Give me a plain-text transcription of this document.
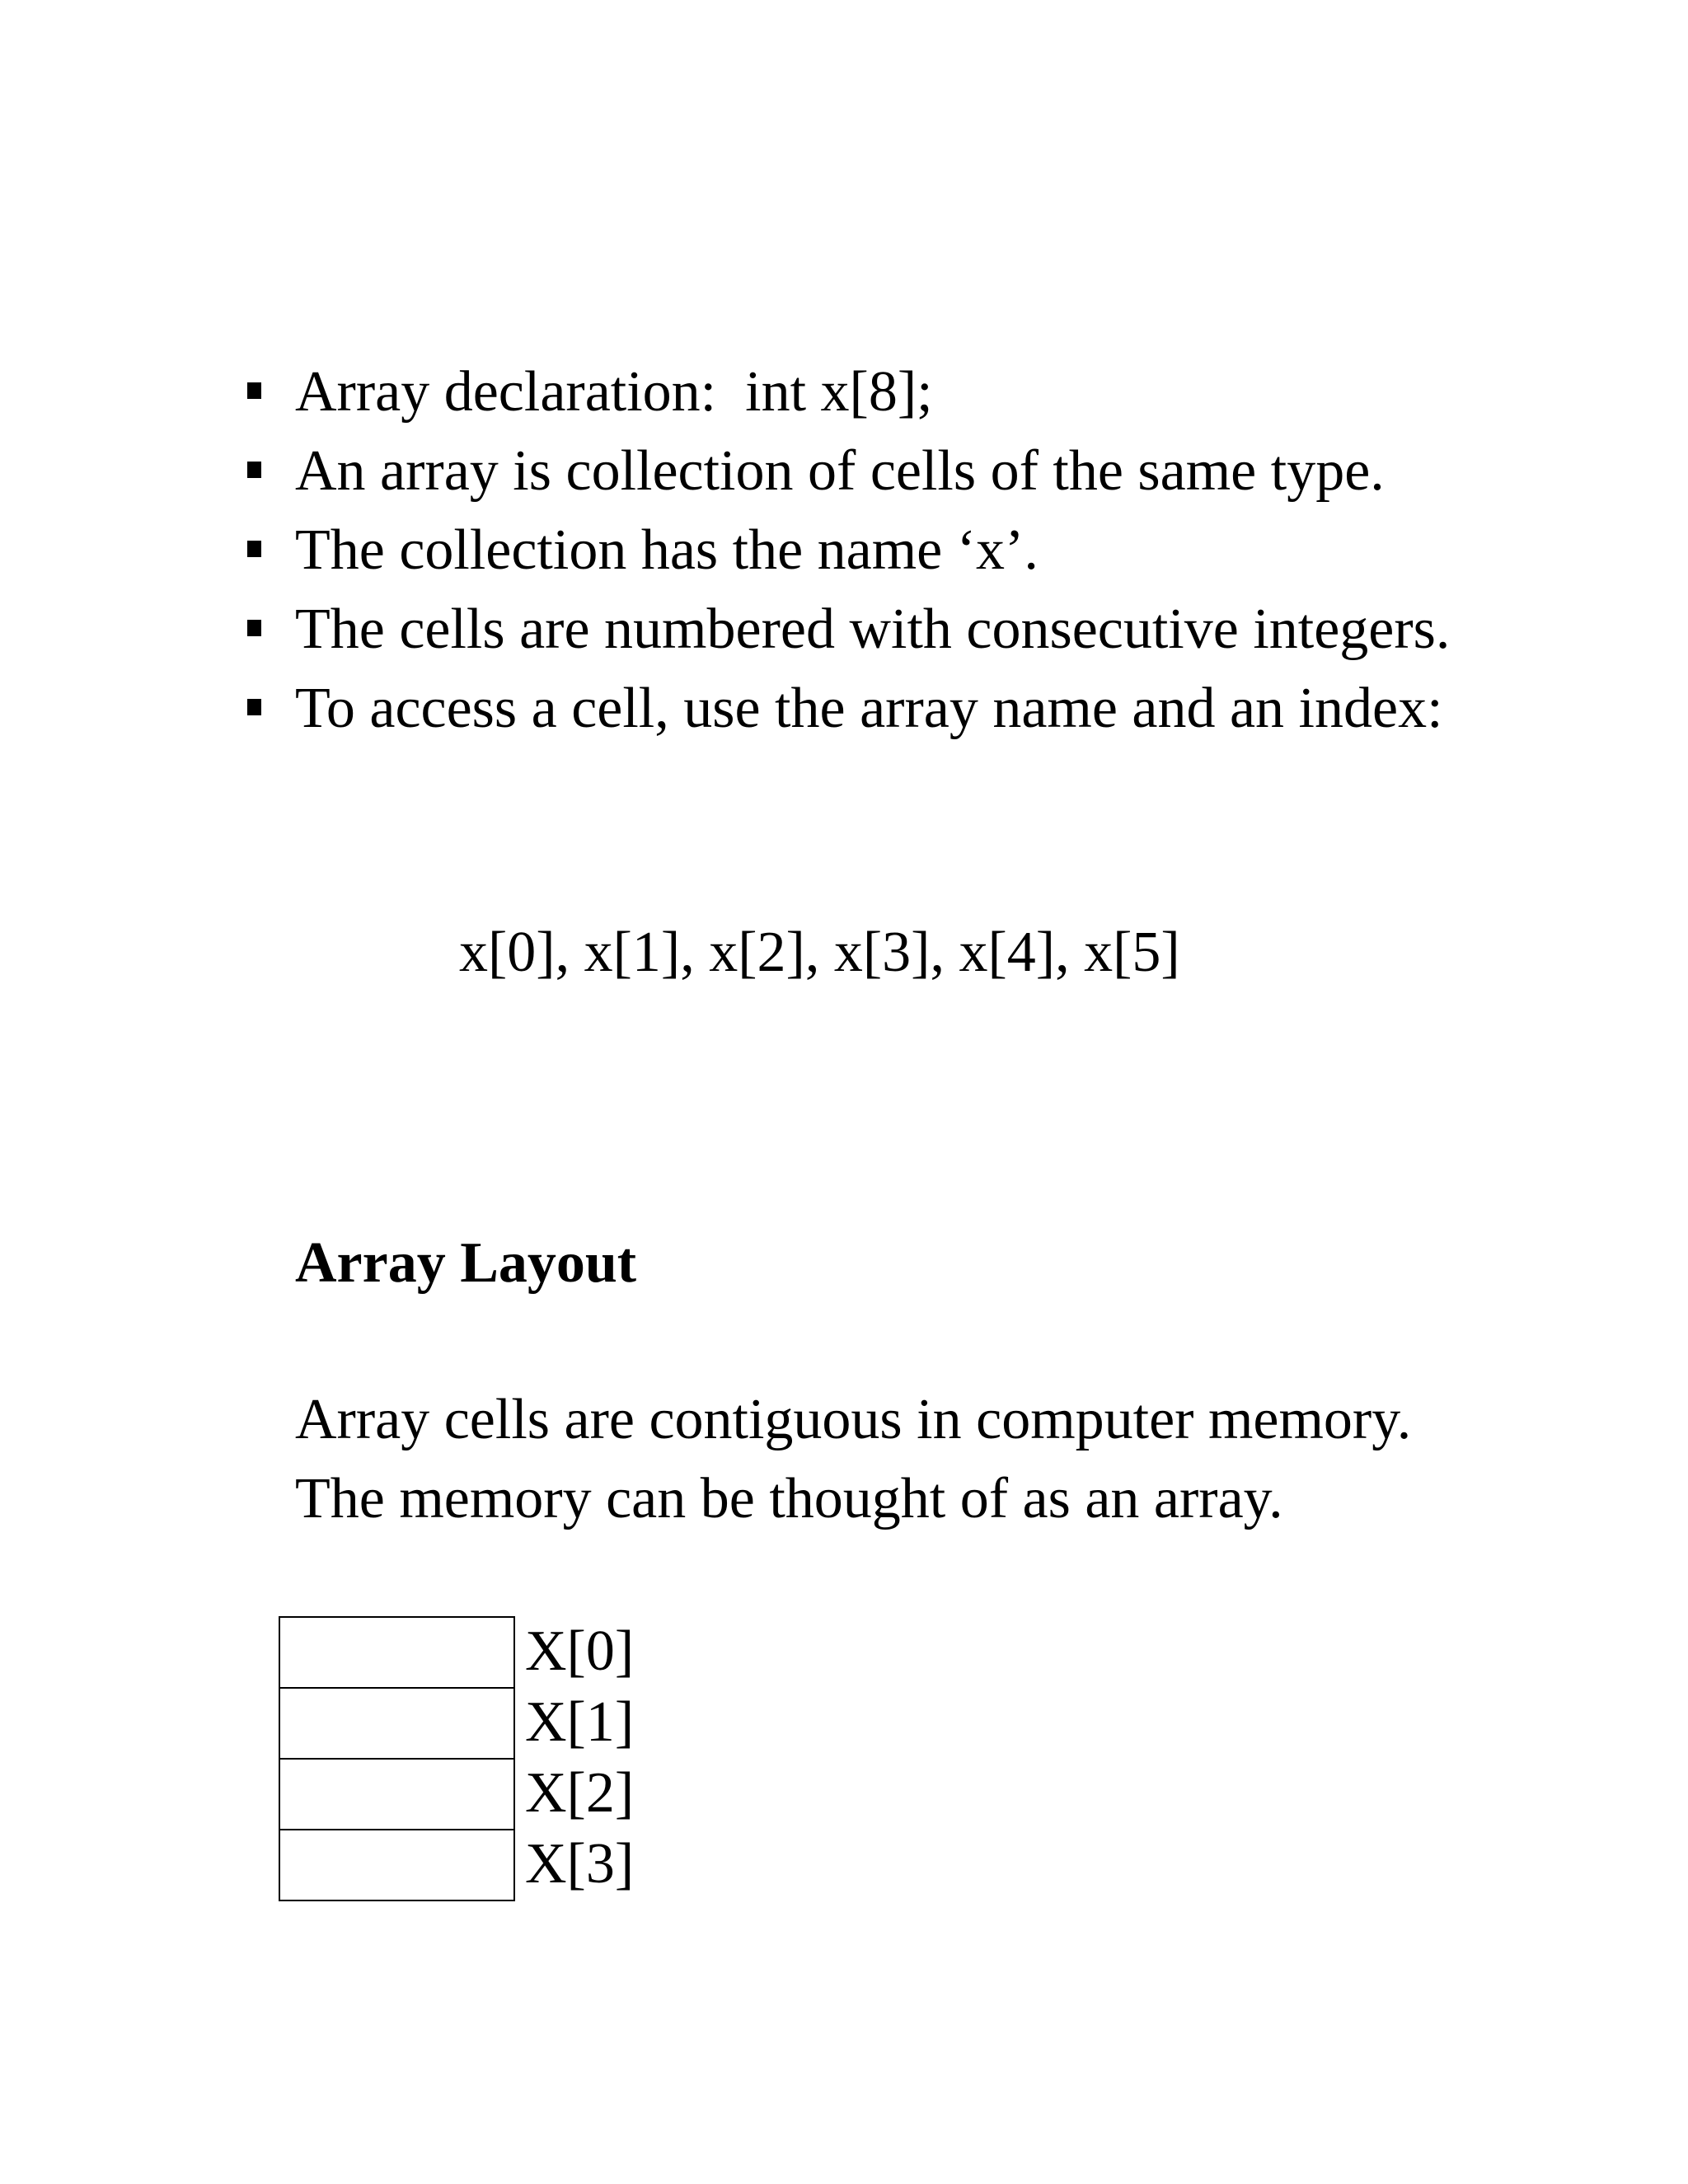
Array declaration:  int x[8];
An array is collection of cells of the same type.
The collection has the name ‘x’.
The cells are numbered with consecutive integers.
To access a cell, use the array name and an index:
x[0], x[1], x[2], x[3], x[4], x[5]
Array Layout

Array cells are contiguous in computer memory.
The memory can be thought of as an array.

	X[0]
	X[1]
	X[2]
	X[3]
